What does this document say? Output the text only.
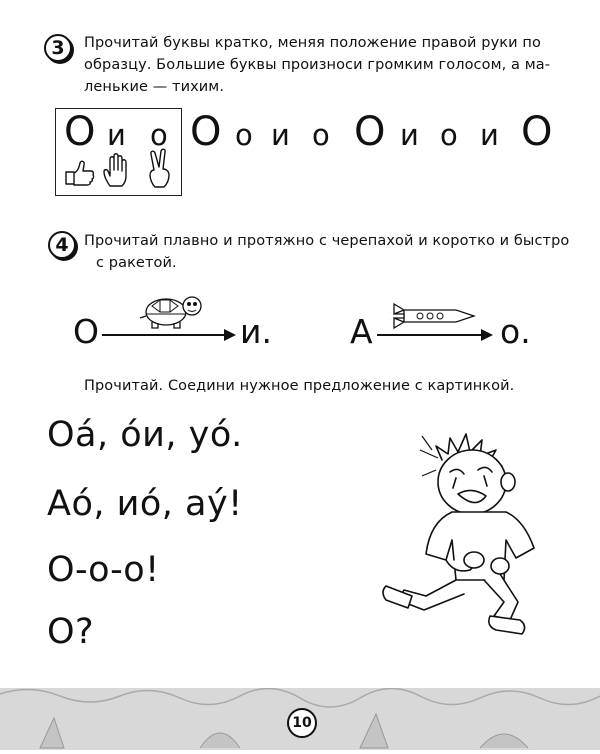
3	Прочитай буквы кратко, меняя положение правой руки по
образцу. Большие буквы произноси громким голосом, а ма-
ленькие — тихим.
О и о О о и о О и о и О
4	Прочитай плавно и протяжно с черепахой и коротко и быстро
с ракетой.
О	и. А	о.
Прочитай. Соедини нужное предложение с картинкой.
Оá, óи, уó.
Аó, иó, аý!
О-о-о!
О?
10
